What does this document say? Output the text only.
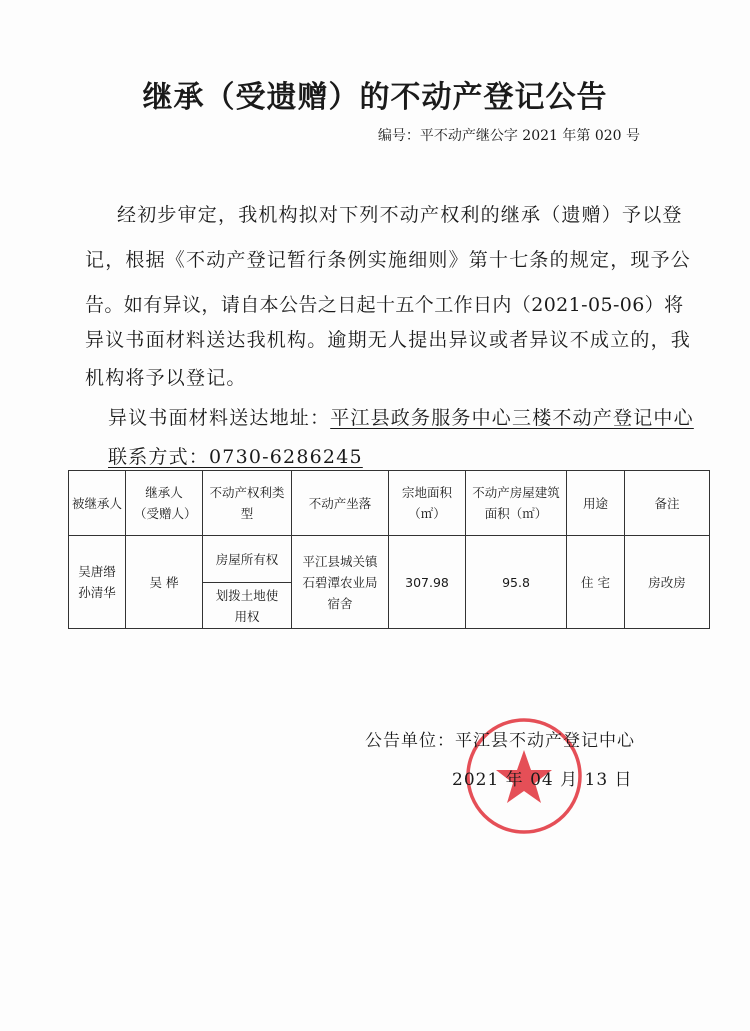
继承（受遗赠）的不动产登记公告
编号：平不动产继公字 2021 年第 020 号
经初步审定，我机构拟对下列不动产权利的继承（遗赠）予以登
记，根据《不动产登记暂行条例实施细则》第十七条的规定，现予公
告。如有异议，请自本公告之日起十五个工作日内（2021-05-06）将
异议书面材料送达我机构。逾期无人提出异议或者异议不成立的，我
机构将予以登记。
异议书面材料送达地址：平江县政务服务中心三楼不动产登记中心
联系方式：0730-6286245
被继承人	继承人（受赠人）	不动产权利类 型	不动产坐落	宗地面积（㎡）	不动产房屋建筑面积（㎡）	用途	备注
吴唐缗孙清华	吴 桦	房屋所有权	平江县城关镇石碧潭农业局宿舍	307.98	95.8	住 宅	房改房
		划拨土地使用权					
公告单位：平江县不动产登记中心
2021 年 04 月 13 日
